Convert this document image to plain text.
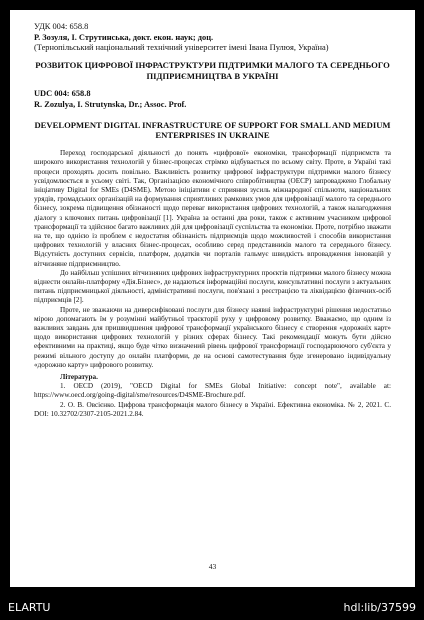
УДК 004: 658.8
Р. Зозуля, І. Струтинська, докт. екон. наук; доц.
(Тернопільський національний технічний університет імені Івана Пулюя, Україна)
РОЗВИТОК ЦИФРОВОЇ ІНФРАСТРУКТУРИ ПІДТРИМКИ МАЛОГО ТА СЕРЕДНЬОГО ПІДПРИЄМНИЦТВА В УКРАЇНІ
UDC 004: 658.8
R. Zozulya, I. Strutynska, Dr.; Assoc. Prof.
DEVELOPMENT DIGITAL INFRASTRUCTURE OF SUPPORT FOR SMALL AND MEDIUM ENTERPRISES IN UKRAINE

Переход господарської діяльності до понять «цифрової» економіки, трансформації підприємств та широкого використання технологій у бізнес-процесах стрімко відбувається по всьому світу. Проте, в Україні такі процеси проходять досить повільно. Важливість розвитку цифрової інфраструктури підтримки малого бізнесу усвідомлюється в усьому світі. Так, Організацією економічного співробітництва (ОЕСР) запроваджено Глобальну ініціативу Digital for SMEs (D4SME). Метою ініціативи є сприяння зусиль міжнародної спільноти, національних урядів, громадських організацій на формування сприятливих рамкових умов для цифровізації малого та середнього бізнесу, зокрема підвищення обізнаності щодо переваг використання цифрових технологій, а також налагодження діалогу з ключових питань цифровізації [1]. Україна за останні два роки, також є активним учасником цифрової трансформації та здійснює багато важливих дій для цифровізації суспільства та економіки. Проте, потрібно зважати на те, що однією із проблем є недостатня обізнаність підприємців щодо можливостей і способів використання цифрових технологій у власних бізнес-процесах, особливо серед представників малого та середнього бізнесу. Відсутність доступних сервісів, платформ, додатків чи порталів гальмує швидкість впровадження інновацій у вітчизняне підприємництво.

До найбільш успішних вітчизняних цифрових інфраструктурних проєктів підтримки малого бізнесу можна віднести онлайн-платформу «Дія.Бізнес», де надаються інформаційні послуги, консультативні послуги з актуальних питань підприємницької діяльності, адміністративні послуги, пов'язані з реєстрацією та ліквідацією фізичних-осіб підприємців [2].

Проте, не зважаючи на диверсифіковані послуги для бізнесу наявні інфраструктурні рішення недостатньо мірою допомагають їм у розумінні майбутньої траєкторії руху у цифровому розвитку. Вважаємо, що одним із важливих завдань для пришвидшення цифрової трансформації українського бізнесу є створення «дорожніх карт» щодо використання цифрових технологій у різних сферах бізнесу. Такі рекомендації можуть бути дійсно ефективними на практиці, якщо буде чітко визначений рівень цифрової трансформації господарюючого суб'єкта у режимі вільного доступу до онлайн платформи, де на основі самотестування буде згенеровано індивідуальну «дорожню карту» цифрового розвитку.

Література.
1. OECD (2019), "OECD Digital for SMEs Global Initiative: concept note", available at: https://www.oecd.org/going-digital/sme/resources/D4SME-Brochure.pdf.
2. О. В. Овсієнко. Цифрова трансформація малого бізнесу в Україні. Ефективна економіка. № 2, 2021. С. DOI: 10.32702/2307-2105-2021.2.84.
43
ELARTU	hdl:lib/37599
